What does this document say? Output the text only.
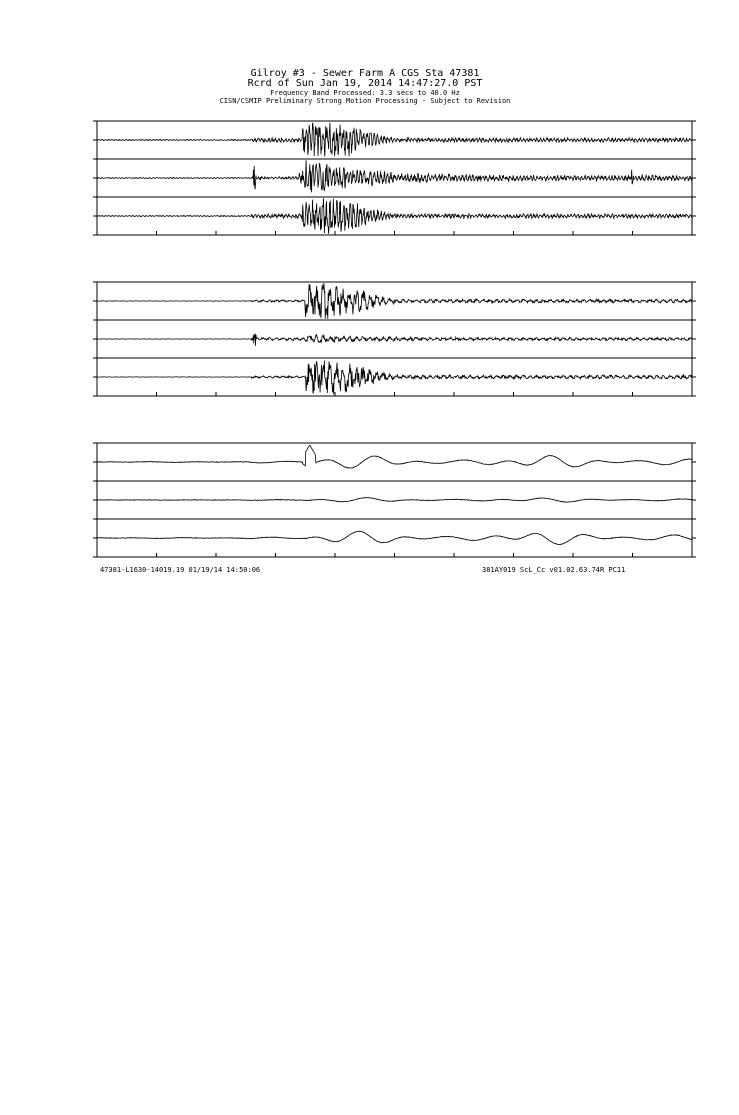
Gilroy #3 - Sewer Farm A CGS Sta 47381
Rcrd of Sun Jan 19, 2014 14:47:27.0 PST
Frequency Band Processed: 3.3 secs to 40.0 Hz
CISN/CSMIP Preliminary Strong Motion Processing - Subject to Revision
47381-L1630-14019.19 01/19/14 14:50:06	381AY019 ScL_Cc v01.02.63.74R PC11
